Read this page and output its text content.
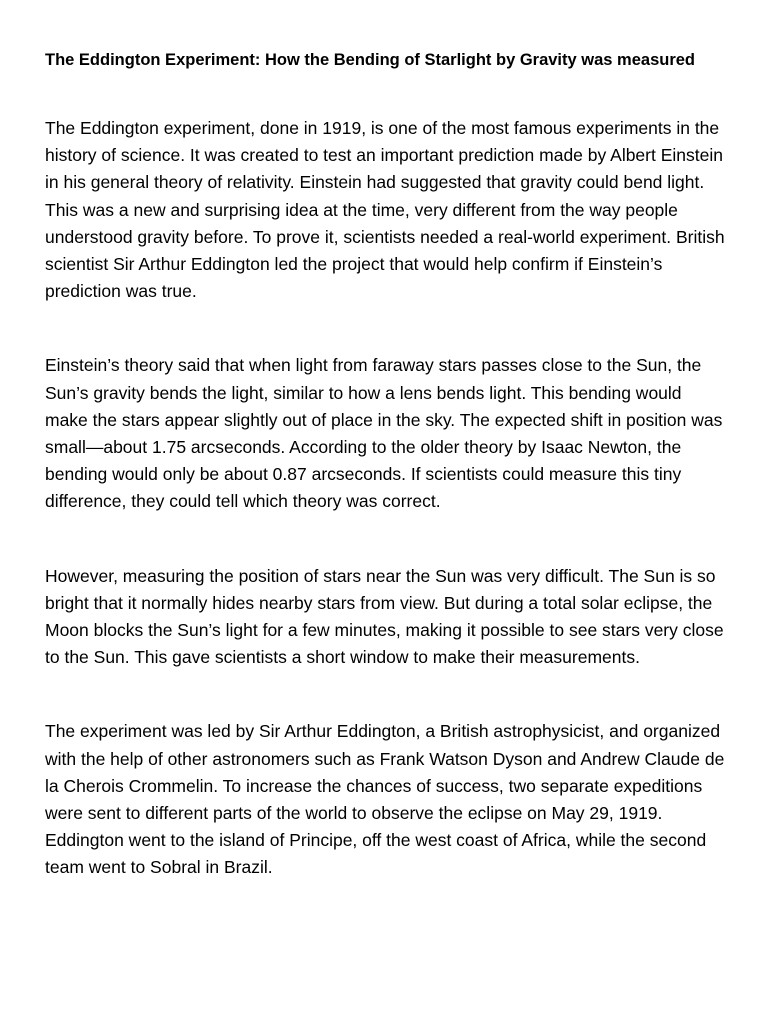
The Eddington Experiment: How the Bending of Starlight by Gravity was measured

The Eddington experiment, done in 1919, is one of the most famous experiments in the history of science. It was created to test an important prediction made by Albert Einstein in his general theory of relativity. Einstein had suggested that gravity could bend light. This was a new and surprising idea at the time, very different from the way people understood gravity before. To prove it, scientists needed a real-world experiment. British scientist Sir Arthur Eddington led the project that would help confirm if Einstein’s prediction was true.

Einstein’s theory said that when light from faraway stars passes close to the Sun, the Sun’s gravity bends the light, similar to how a lens bends light. This bending would make the stars appear slightly out of place in the sky. The expected shift in position was small—about 1.75 arcseconds. According to the older theory by Isaac Newton, the bending would only be about 0.87 arcseconds. If scientists could measure this tiny difference, they could tell which theory was correct.

However, measuring the position of stars near the Sun was very difficult. The Sun is so bright that it normally hides nearby stars from view. But during a total solar eclipse, the Moon blocks the Sun’s light for a few minutes, making it possible to see stars very close to the Sun. This gave scientists a short window to make their measurements.

The experiment was led by Sir Arthur Eddington, a British astrophysicist, and organized with the help of other astronomers such as Frank Watson Dyson and Andrew Claude de la Cherois Crommelin. To increase the chances of success, two separate expeditions were sent to different parts of the world to observe the eclipse on May 29, 1919. Eddington went to the island of Principe, off the west coast of Africa, while the second team went to Sobral in Brazil.
